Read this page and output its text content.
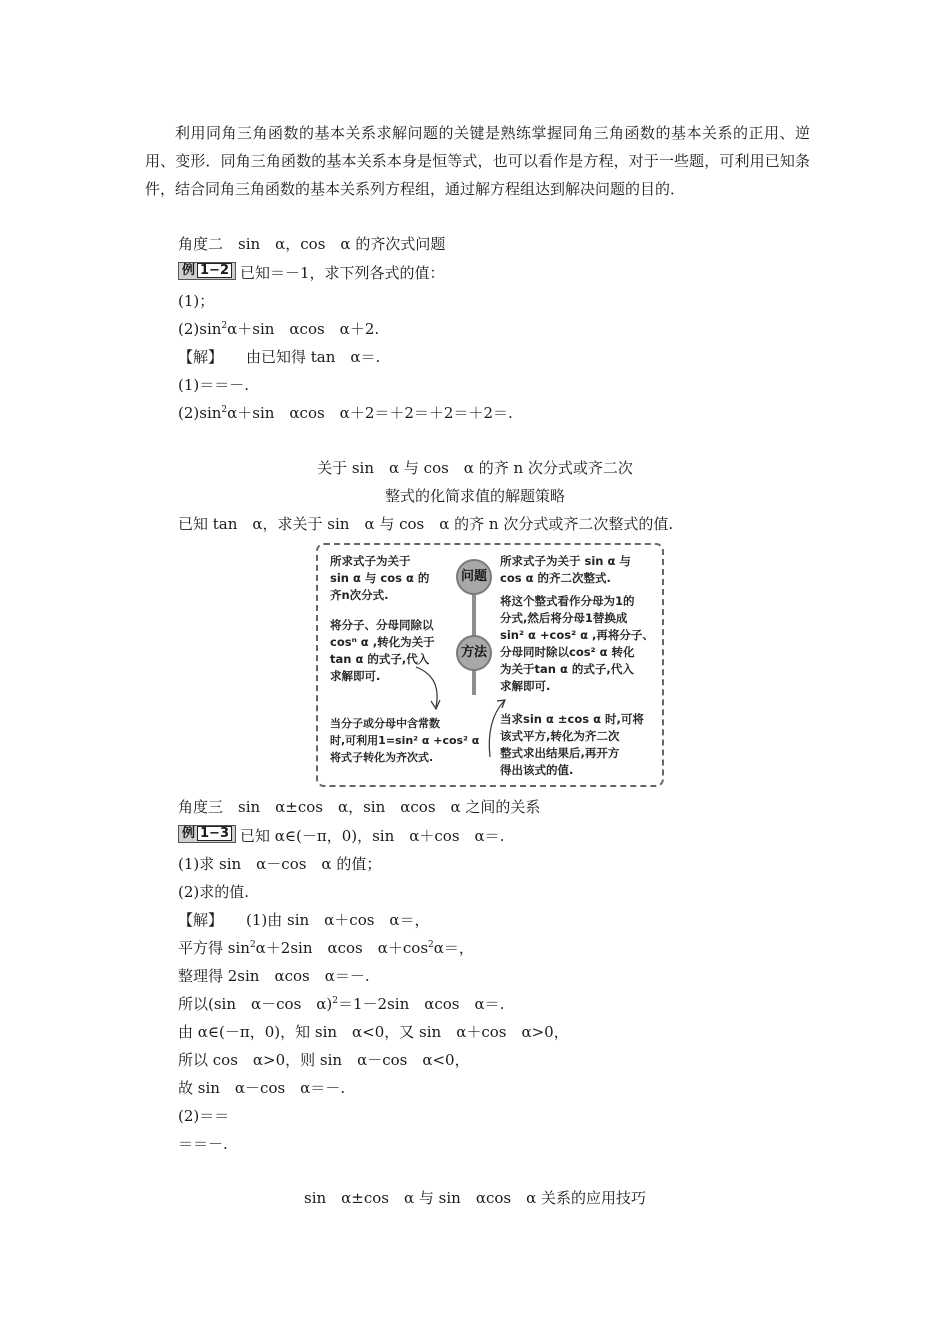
利用同角三角函数的基本关系求解问题的关键是熟练掌握同角三角函数的基本关系的正用、逆用、变形．同角三角函数的基本关系本身是恒等式，也可以看作是方程，对于一些题，可利用已知条件，结合同角三角函数的基本关系列方程组，通过解方程组达到解决问题的目的．
角度二　sin　α，cos　α 的齐次式问题
例 1−2 已知＝－1，求下列各式的值：
(1)；
$(2)\sin^2\alpha+\sin$　αcos　α＋2.
【解】 由已知得 tan　α＝.
(1)＝＝－.
$(2)\sin^2\alpha+\sin$　αcos　α＋2＝＋2＝＋2＝＋2＝.
关于 sin　α 与 cos　α 的齐 n 次分式或齐二次
整式的化简求值的解题策略
已知 tan　α，求关于 sin　α 与 cos　α 的齐 n 次分式或齐二次整式的值.
问题
方法
所求式子为关于
sin α 与 cos α 的
齐n次分式.
将分子、分母同除以
cosⁿ α ,转化为关于
tan α 的式子,代入
求解即可.
当分子或分母中含常数
时,可利用1=sin² α +cos² α
将式子转化为齐次式.
所求式子为关于 sin α 与
cos α 的齐二次整式.
将这个整式看作分母为1的
分式,然后将分母1替换成
sin² α +cos² α ,再将分子、
分母同时除以cos² α 转化
为关于tan α 的式子,代入
求解即可.
当求sin α ±cos α 时,可将
该式平方,转化为齐二次
整式求出结果后,再开方
得出该式的值.
角度三　sin　α±cos　α，sin　αcos　α 之间的关系
例 1−3 已知 α∈(－π，0)，sin　α＋cos　α＝.
(1)求 sin　α－cos　α 的值；
(2)求的值.
【解】 (1)由 sin　α＋cos　α＝，
平方得 $\sin^2\alpha+2\sin$　αcos　$\alpha+\cos^2\alpha=$，
整理得 2sin　αcos　α＝－.
所以(sin　α－cos　α)$^2$＝1－2sin　αcos　α＝.
由 α∈(－π，0)，知 sin　α<0，又 sin　α＋cos　α>0，
所以 cos　α>0，则 sin　α－cos　α<0，
故 sin　α－cos　α＝－.
(2)＝＝
＝＝－.
sin　α±cos　α 与 sin　αcos　α 关系的应用技巧
